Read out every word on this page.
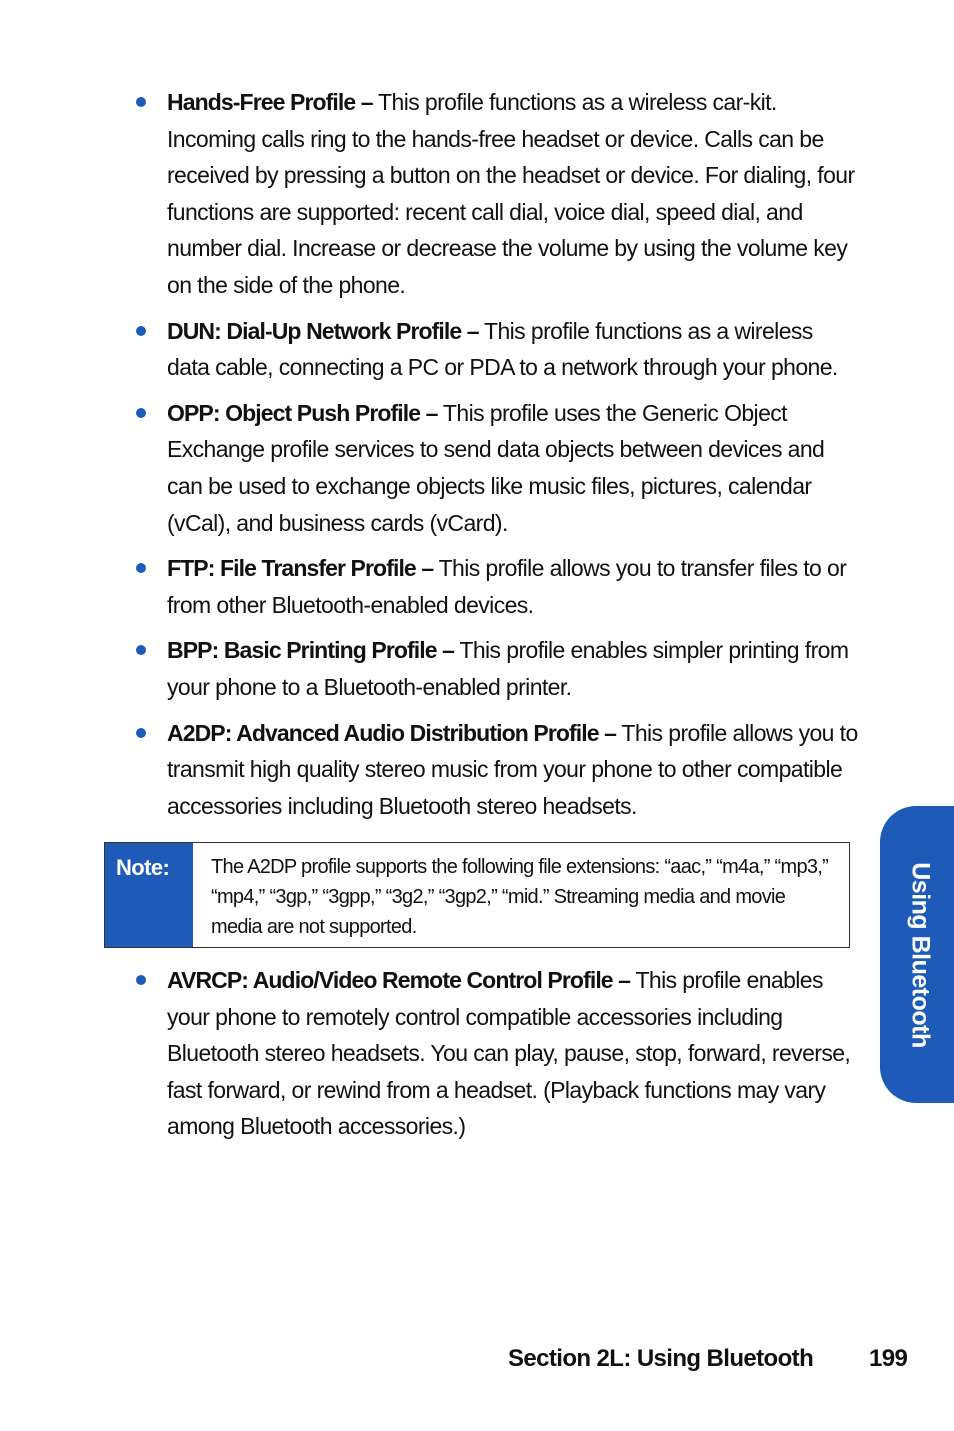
Hands-Free Profile – This profile functions as a wireless car-kit. Incoming calls ring to the hands-free headset or device. Calls can be received by pressing a button on the headset or device. For dialing, four functions are supported: recent call dial, voice dial, speed dial, and number dial. Increase or decrease the volume by using the volume key on the side of the phone.
DUN: Dial-Up Network Profile – This profile functions as a wireless data cable, connecting a PC or PDA to a network through your phone.
OPP: Object Push Profile – This profile uses the Generic Object Exchange profile services to send data objects between devices and can be used to exchange objects like music files, pictures, calendar (vCal), and business cards (vCard).
FTP: File Transfer Profile – This profile allows you to transfer files to or from other Bluetooth-enabled devices.
BPP: Basic Printing Profile – This profile enables simpler printing from your phone to a Bluetooth-enabled printer.
A2DP: Advanced Audio Distribution Profile – This profile allows you to transmit high quality stereo music from your phone to other compatible accessories including Bluetooth stereo headsets.
Note:	The A2DP profile supports the following file extensions: “aac,” “m4a,” “mp3,” “mp4,” “3gp,” “3gpp,” “3g2,” “3gp2,” “mid.” Streaming media and movie media are not supported.
AVRCP: Audio/Video Remote Control Profile – This profile enables your phone to remotely control compatible accessories including Bluetooth stereo headsets. You can play, pause, stop, forward, reverse, fast forward, or rewind from a headset. (Playback functions may vary among Bluetooth accessories.)
Using Bluetooth
Section 2L: Using Bluetooth 199
